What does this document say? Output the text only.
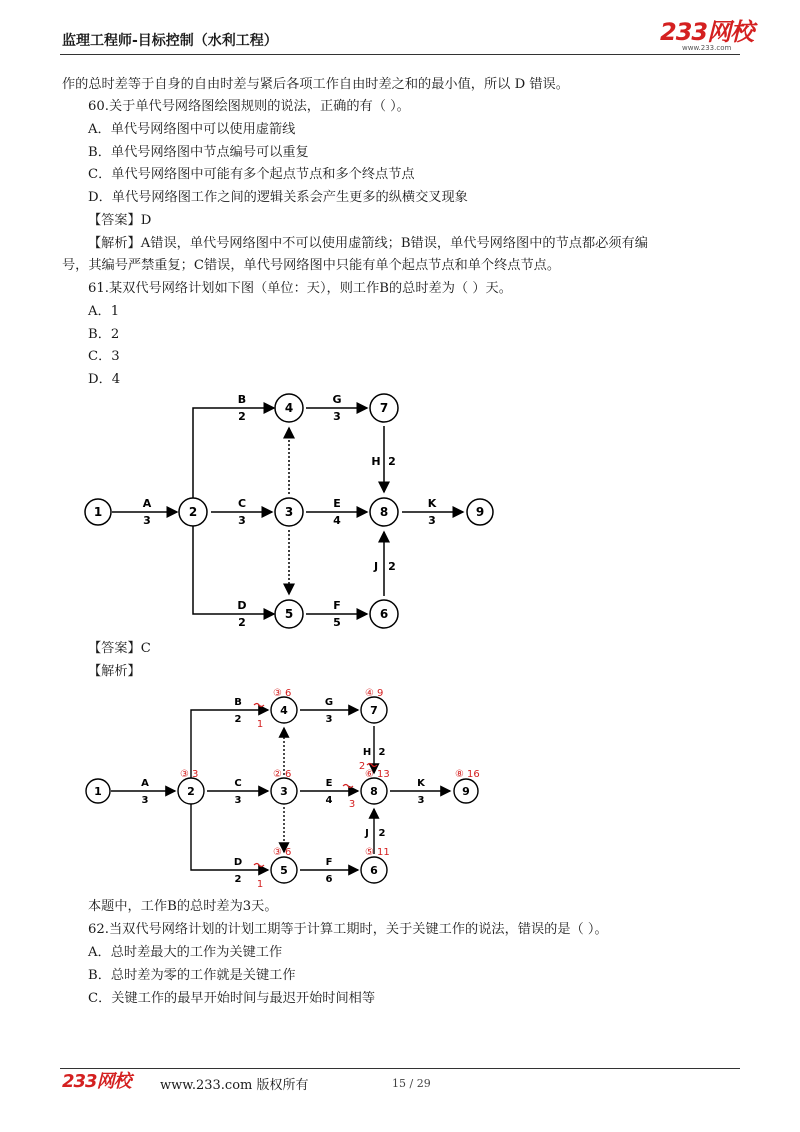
监理工程师-目标控制（水利工程）	233网校
www.233.com
作的总时差等于自身的自由时差与紧后各项工作自由时差之和的最小值，所以 D 错误。
60.关于单代号网络图绘图规则的说法，正确的有（ ）。
A．单代号网络图中可以使用虚箭线
B．单代号网络图中节点编号可以重复
C．单代号网络图中可能有多个起点节点和多个终点节点
D．单代号网络图工作之间的逻辑关系会产生更多的纵横交叉现象
【答案】D
【解析】A错误，单代号网络图中不可以使用虚箭线；B错误，单代号网络图中的节点都必须有编
号，其编号严禁重复；C错误，单代号网络图中只能有单个起点节点和单个终点节点。
61.某双代号网络计划如下图（单位：天），则工作B的总时差为（ ）天。
A．1
B．2
C．3
D．4
1	2	3
4
5	6
7
8	9
A
3
B
2
C
3
D
2
E
4
F
5
G
3
H 2
J 2
K
3
【答案】C
【解析】
1	2	3
4
5	6
7
8	9
A
3
B
2
C
3
D
2
E
4
F
6
G
3
H 2
J 2
K
3
③ 3	② 6
③ 6
③ 6	⑤ 11
④ 9
⑥ 13	⑧ 16
1
1
3
2
本题中，工作B的总时差为3天。
62.当双代号网络计划的计划工期等于计算工期时，关于关键工作的说法，错误的是（ ）。
A．总时差最大的工作为关键工作
B．总时差为零的工作就是关键工作
C．关键工作的最早开始时间与最迟开始时间相等
233网校 www.233.com 版权所有	15 / 29
